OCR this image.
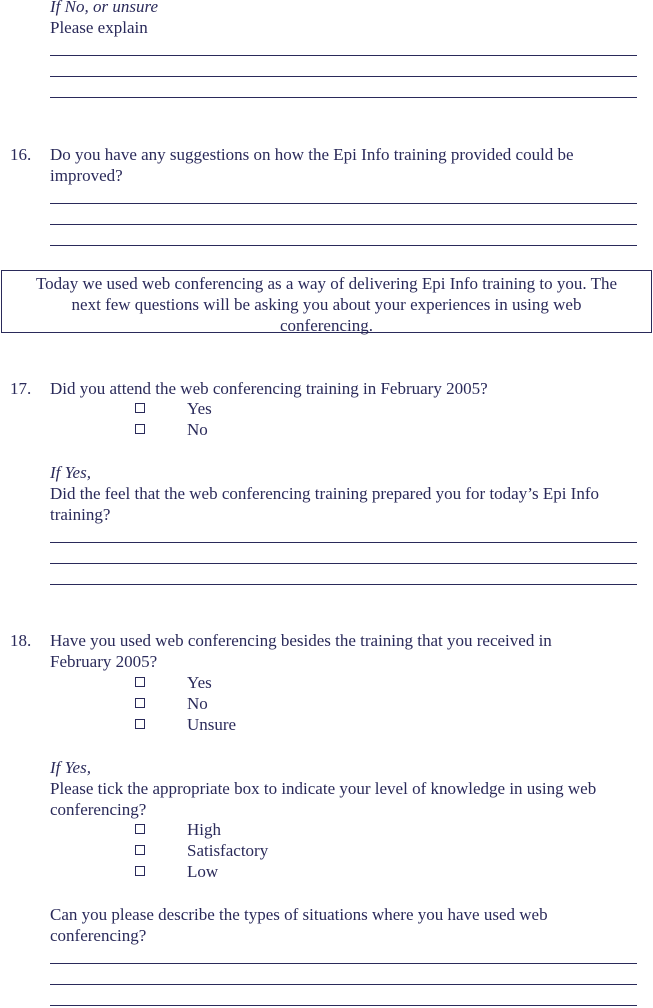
If No, or unsure
Please explain
16. Do you have any suggestions on how the Epi Info training provided could be
improved?
Today we used web conferencing as a way of delivering Epi Info training to you. The
next few questions will be asking you about your experiences in using web
conferencing.
17. Did you attend the web conferencing training in February 2005?
Yes
No
If Yes,
Did the feel that the web conferencing training prepared you for today’s Epi Info
training?
18. Have you used web conferencing besides the training that you received in
February 2005?
Yes
No
Unsure
If Yes,
Please tick the appropriate box to indicate your level of knowledge in using web
conferencing?
High
Satisfactory
Low
Can you please describe the types of situations where you have used web
conferencing?
